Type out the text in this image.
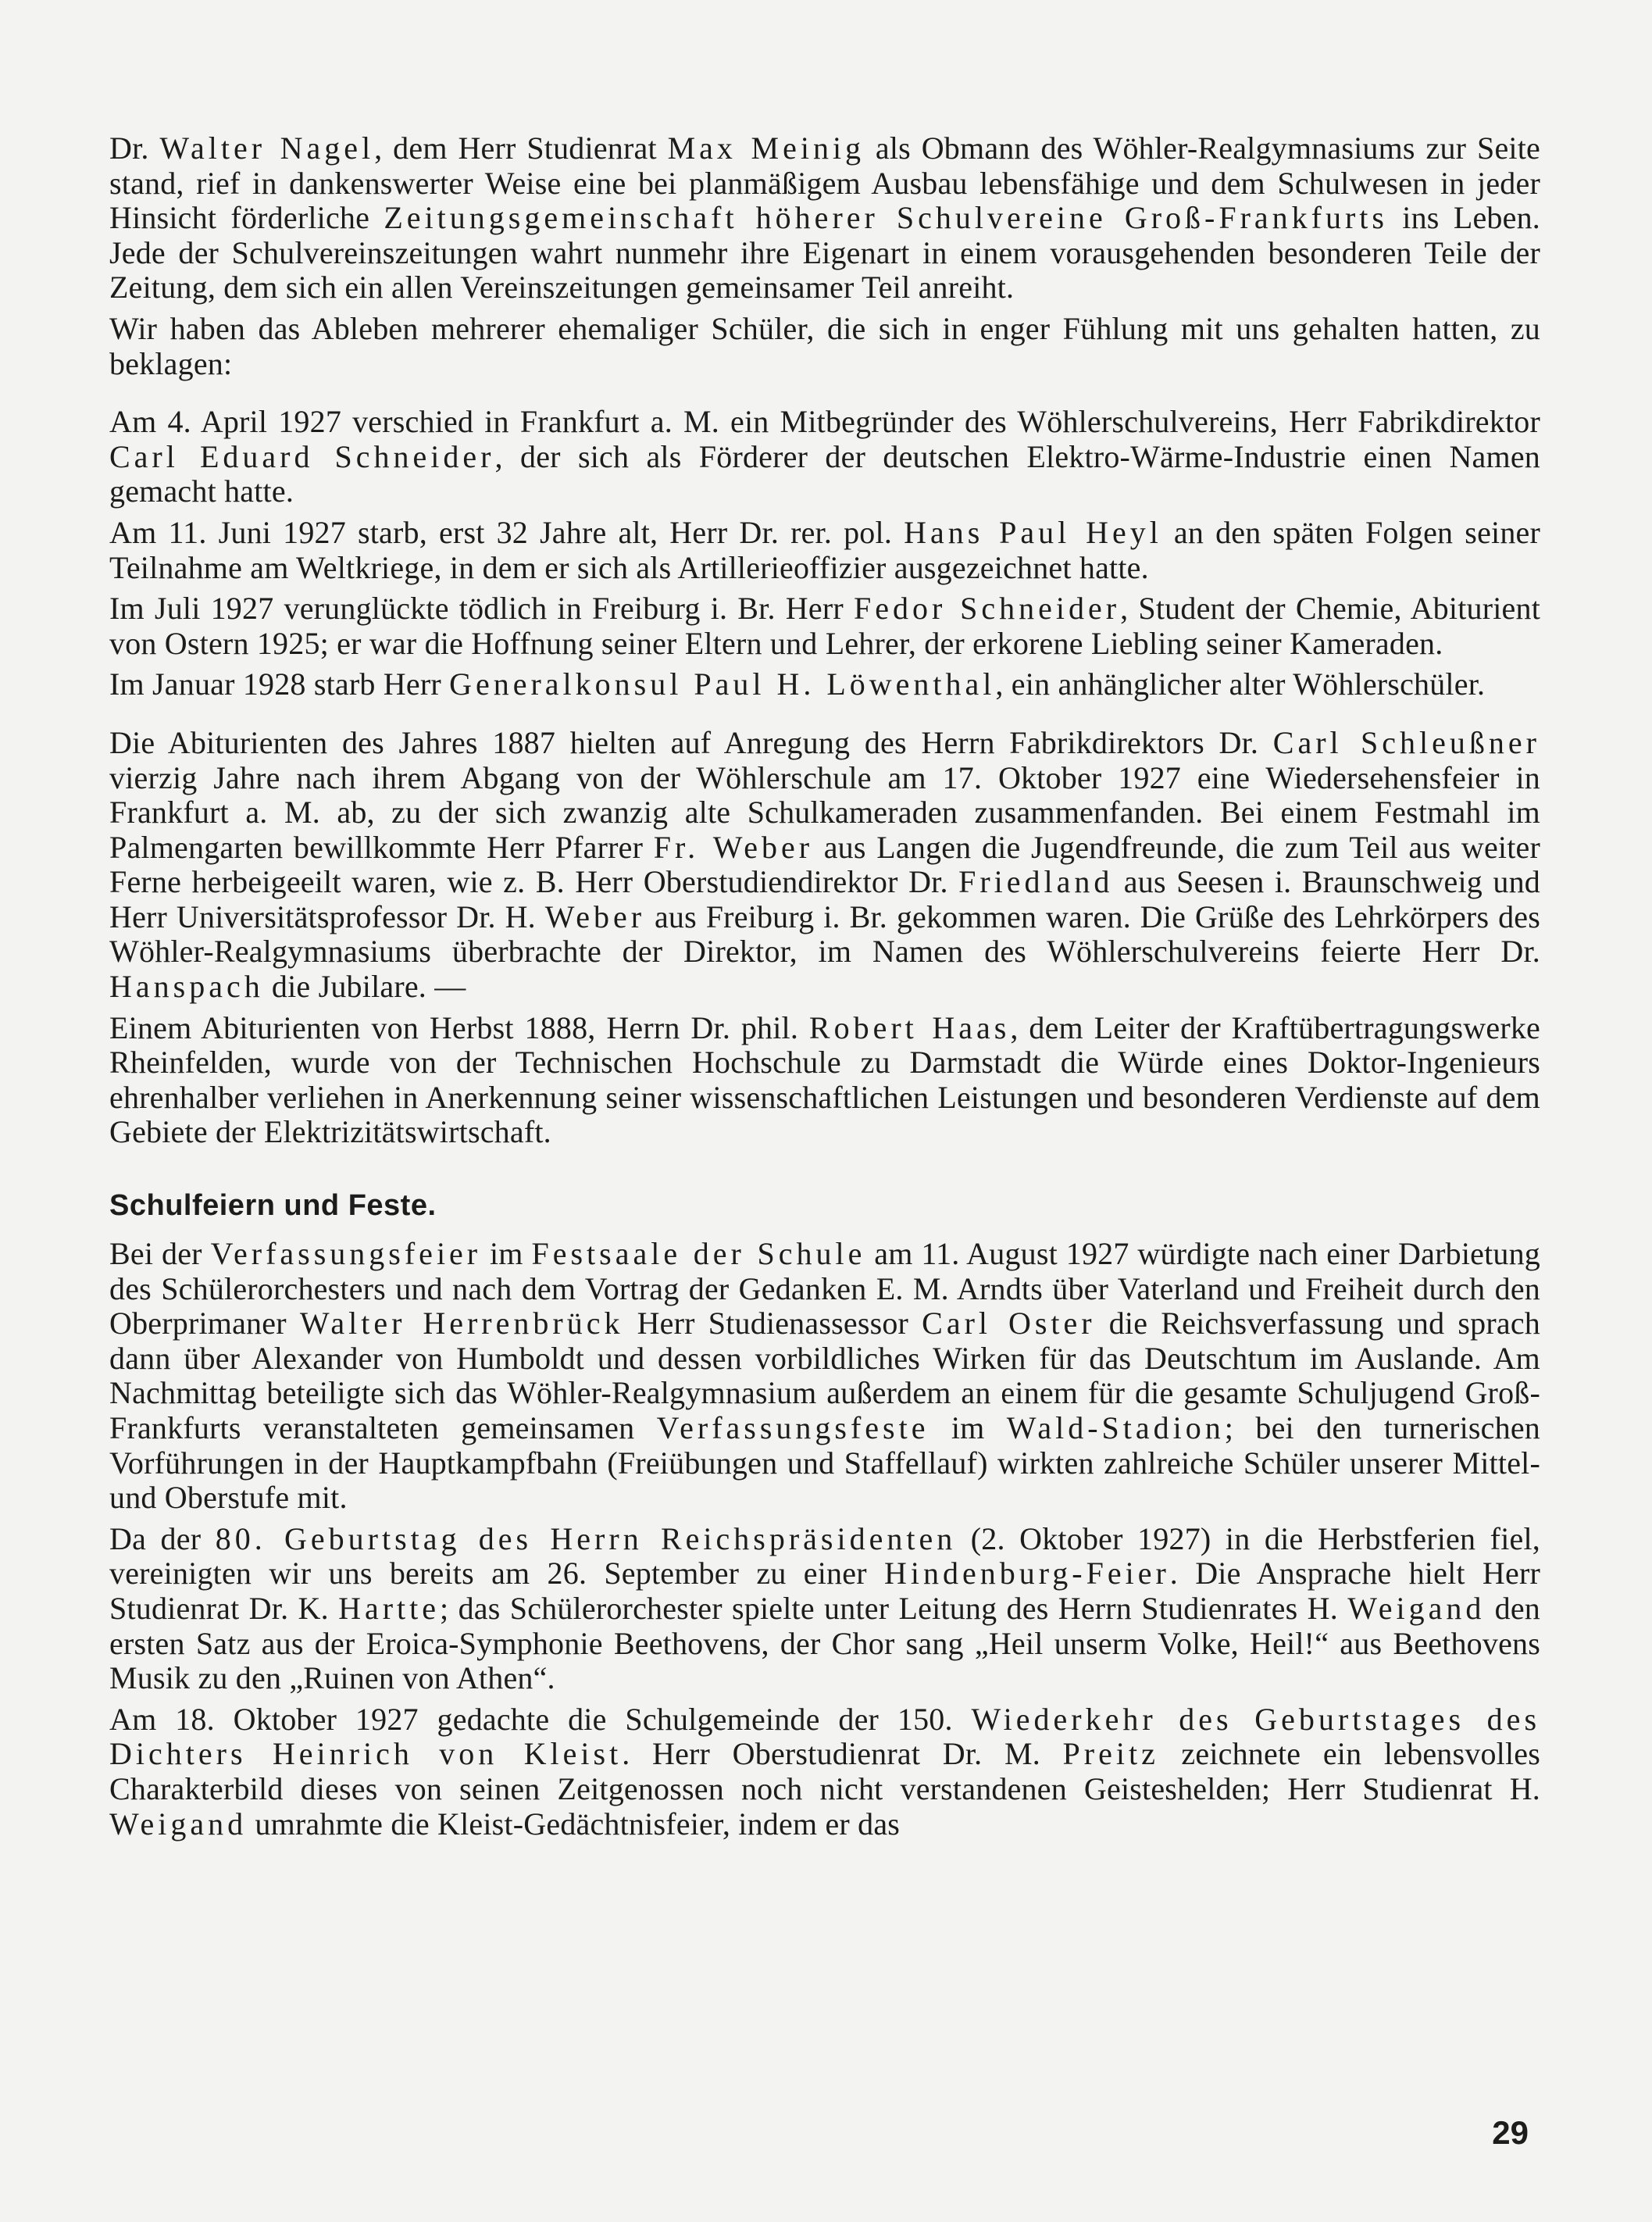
Dr. Walter Nagel, dem Herr Studienrat Max Meinig als Obmann des Wöhler-Realgymnasiums zur Seite stand, rief in dankenswerter Weise eine bei planmäßigem Ausbau lebensfähige und dem Schulwesen in jeder Hinsicht förderliche Zeitungsgemeinschaft höherer Schulvereine Groß-Frankfurts ins Leben. Jede der Schulvereinszeitungen wahrt nunmehr ihre Eigenart in einem vorausgehenden besonderen Teile der Zeitung, dem sich ein allen Vereinszeitungen gemeinsamer Teil anreiht.

Wir haben das Ableben mehrerer ehemaliger Schüler, die sich in enger Fühlung mit uns gehalten hatten, zu beklagen:

Am 4. April 1927 verschied in Frankfurt a. M. ein Mitbegründer des Wöhlerschulvereins, Herr Fabrikdirektor Carl Eduard Schneider, der sich als Förderer der deutschen Elektro-Wärme-Industrie einen Namen gemacht hatte.

Am 11. Juni 1927 starb, erst 32 Jahre alt, Herr Dr. rer. pol. Hans Paul Heyl an den späten Folgen seiner Teilnahme am Weltkriege, in dem er sich als Artillerieoffizier ausgezeichnet hatte.

Im Juli 1927 verunglückte tödlich in Freiburg i. Br. Herr Fedor Schneider, Student der Chemie, Abiturient von Ostern 1925; er war die Hoffnung seiner Eltern und Lehrer, der erkorene Liebling seiner Kameraden.

Im Januar 1928 starb Herr Generalkonsul Paul H. Löwenthal, ein anhänglicher alter Wöhlerschüler.

Die Abiturienten des Jahres 1887 hielten auf Anregung des Herrn Fabrikdirektors Dr. Carl Schleußner vierzig Jahre nach ihrem Abgang von der Wöhlerschule am 17. Oktober 1927 eine Wiedersehensfeier in Frankfurt a. M. ab, zu der sich zwanzig alte Schulkameraden zusammenfanden. Bei einem Festmahl im Palmengarten bewillkommte Herr Pfarrer Fr. Weber aus Langen die Jugendfreunde, die zum Teil aus weiter Ferne herbeigeeilt waren, wie z. B. Herr Oberstudiendirektor Dr. Friedland aus Seesen i. Braunschweig und Herr Universitätsprofessor Dr. H. Weber aus Freiburg i. Br. gekommen waren. Die Grüße des Lehrkörpers des Wöhler-Realgymnasiums überbrachte der Direktor, im Namen des Wöhlerschulvereins feierte Herr Dr. Hanspach die Jubilare. —

Einem Abiturienten von Herbst 1888, Herrn Dr. phil. Robert Haas, dem Leiter der Kraftübertragungswerke Rheinfelden, wurde von der Technischen Hochschule zu Darmstadt die Würde eines Doktor-Ingenieurs ehrenhalber verliehen in Anerkennung seiner wissenschaftlichen Leistungen und besonderen Verdienste auf dem Gebiete der Elektrizitätswirtschaft.

Schulfeiern und Feste.

Bei der Verfassungsfeier im Festsaale der Schule am 11. August 1927 würdigte nach einer Darbietung des Schülerorchesters und nach dem Vortrag der Gedanken E. M. Arndts über Vaterland und Freiheit durch den Oberprimaner Walter Herrenbrück Herr Studienassessor Carl Oster die Reichsverfassung und sprach dann über Alexander von Humboldt und dessen vorbildliches Wirken für das Deutschtum im Auslande. Am Nachmittag beteiligte sich das Wöhler-Realgymnasium außerdem an einem für die gesamte Schuljugend Groß-Frankfurts veranstalteten gemeinsamen Verfassungsfeste im Wald-Stadion; bei den turnerischen Vorführungen in der Hauptkampfbahn (Freiübungen und Staffellauf) wirkten zahlreiche Schüler unserer Mittel- und Oberstufe mit.

Da der 80. Geburtstag des Herrn Reichspräsidenten (2. Oktober 1927) in die Herbstferien fiel, vereinigten wir uns bereits am 26. September zu einer Hindenburg-Feier. Die Ansprache hielt Herr Studienrat Dr. K. Hartte; das Schülerorchester spielte unter Leitung des Herrn Studienrates H. Weigand den ersten Satz aus der Eroica-Symphonie Beethovens, der Chor sang „Heil unserm Volke, Heil!“ aus Beethovens Musik zu den „Ruinen von Athen“.

Am 18. Oktober 1927 gedachte die Schulgemeinde der 150. Wiederkehr des Geburtstages des Dichters Heinrich von Kleist. Herr Oberstudienrat Dr. M. Preitz zeichnete ein lebensvolles Charakterbild dieses von seinen Zeitgenossen noch nicht verstandenen Geisteshelden; Herr Studienrat H. Weigand umrahmte die Kleist-Gedächtnisfeier, indem er das

29
